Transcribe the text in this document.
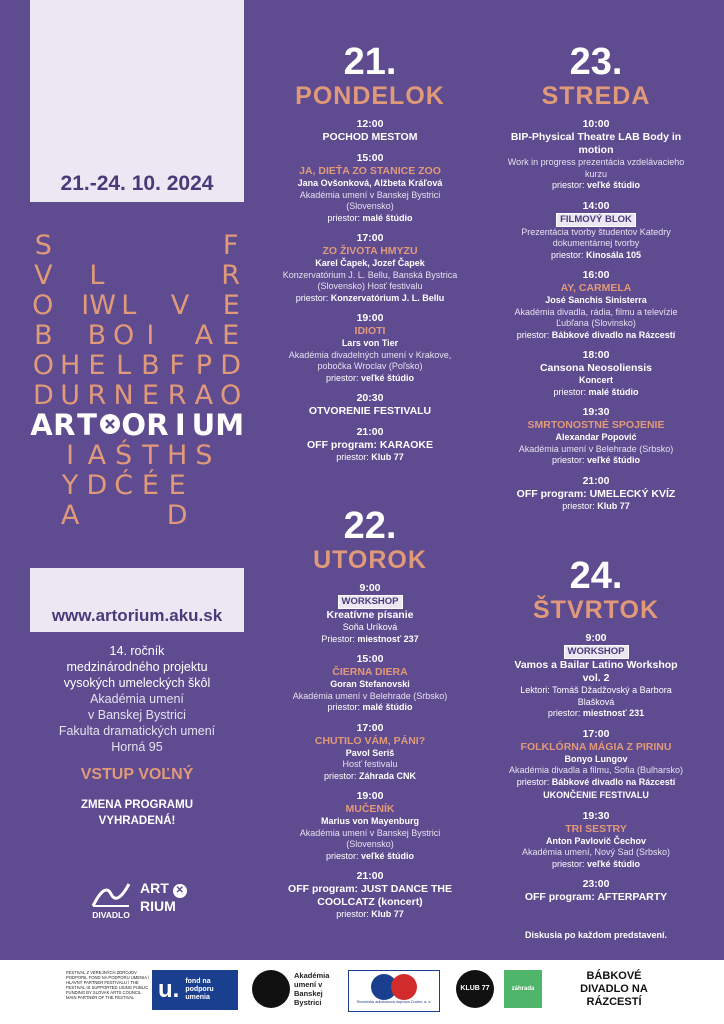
21.-24. 10. 2024
S	F
V L	R
O IW L V E
B B O I	A E
O H E L B F P D
D U R N E R A O
A R T O R I U M
I A Ś T H S
Y D Ć É E
A	D
www.artorium.aku.sk
14. ročník
medzinárodného projektu
vysokých umeleckých škôl
Akadémia umení
v Banskej Bystrici
Fakulta dramatických umení
Horná 95
VSTUP VOĽNÝ
ZMENA PROGRAMU
VYHRADENÁ!
DIVADLO
ART ✕
RIUM
21.
PONDELOK
12:00
POCHOD MESTOM
15:00
JA, DIEŤA ZO STANICE ZOO
Jana Ovšonková, Alžbeta Kráľová
Akadémia umení v Banskej Bystrici (Slovensko)
priestor: malé štúdio
17:00
ZO ŽIVOTA HMYZU
Karel Čapek, Jozef Čapek
Konzervatórium J. L. Bellu, Banská Bystrica (Slovensko) Hosť festivalu
priestor: Konzervatórium J. L. Bellu
19:00
IDIOTI
Lars von Tier
Akadémia divadelných umení v Krakove, pobočka Wroclav (Poľsko)
priestor: veľké štúdio
20:30
OTVORENIE FESTIVALU
21:00
OFF program: KARAOKE
priestor: Klub 77
22.
UTOROK
9:00
WORKSHOP
Kreatívne písanie
Soňa Uríková
Priestor: miestnosť 237
15:00
ČIERNA DIERA
Goran Stefanovski
Akadémia umení v Belehrade (Srbsko)
priestor: malé štúdio
17:00
CHUTILO VÁM, PÁNI?
Pavol Seriš
Hosť festivalu
priestor: Záhrada CNK
19:00
MUČENÍK
Marius von Mayenburg
Akadémia umení v Banskej Bystrici (Slovensko)
priestor: veľké štúdio
21:00
OFF program: JUST DANCE THE COOLCATZ (koncert)
priestor: Klub 77
23.
STREDA
10:00
BIP-Physical Theatre LAB Body in motion
Work in progress prezentácia vzdelávacieho kurzu
priestor: veľké štúdio
14:00
FILMOVÝ BLOK
Prezentácia tvorby študentov Katedry dokumentárnej tvorby
priestor: Kinosála 105
16:00
AY, CARMELA
José Sanchis Sinisterra
Akadémia divadla, rádia, filmu a televízie Ľubľana (Slovinsko)
priestor: Bábkové divadlo na Rázcestí
18:00
Cansona Neosoliensis
Koncert
priestor: malé štúdio
19:30
SMRTONOSTNÉ SPOJENIE
Alexandar Popović
Akadémia umení v Belehrade (Srbsko)
priestor: veľké štúdio
21:00
OFF program: UMELECKÝ KVÍZ
priestor: Klub 77
24.
ŠTVRTOK
9:00
WORKSHOP
Vamos a Bailar Latino Workshop vol. 2
Lektori: Tomáš Džadžovský a Barbora Blašková
priestor: miestnosť 231
17:00
FOLKLÓRNA MÁGIA Z PIRINU
Bonyo Lungov
Akadémia divadla a filmu, Sofia (Bulharsko)
priestor: Bábkové divadlo na Rázcestí
UKONČENIE FESTIVALU
19:30
TRI SESTRY
Anton Pavlovič Čechov
Akadémia umení, Nový Sad (Srbsko)
priestor: veľké štúdio
23:00
OFF program: AFTERPARTY
Diskusia po každom predstavení.
FESTIVAL Z VEREJNÝCH ZDROJOV PODPORIL FOND NA PODPORU UMENIA / HLAVNÝ PARTNER FESTIVALU / THE FESTIVAL IS SUPPORTED USING PUBLIC FUNDING BY SLOVAK ARTS COUNCIL MAIN PARTNER OF THE FESTIVAL u. fond na podporu umenia
Akadémia umení v Banskej Bystrici	Slovenská autobusová doprava Zvolen, a. s.
KLUB 77	záhrada
BÁBKOVÉ DIVADLO NA RÁZCESTÍ
